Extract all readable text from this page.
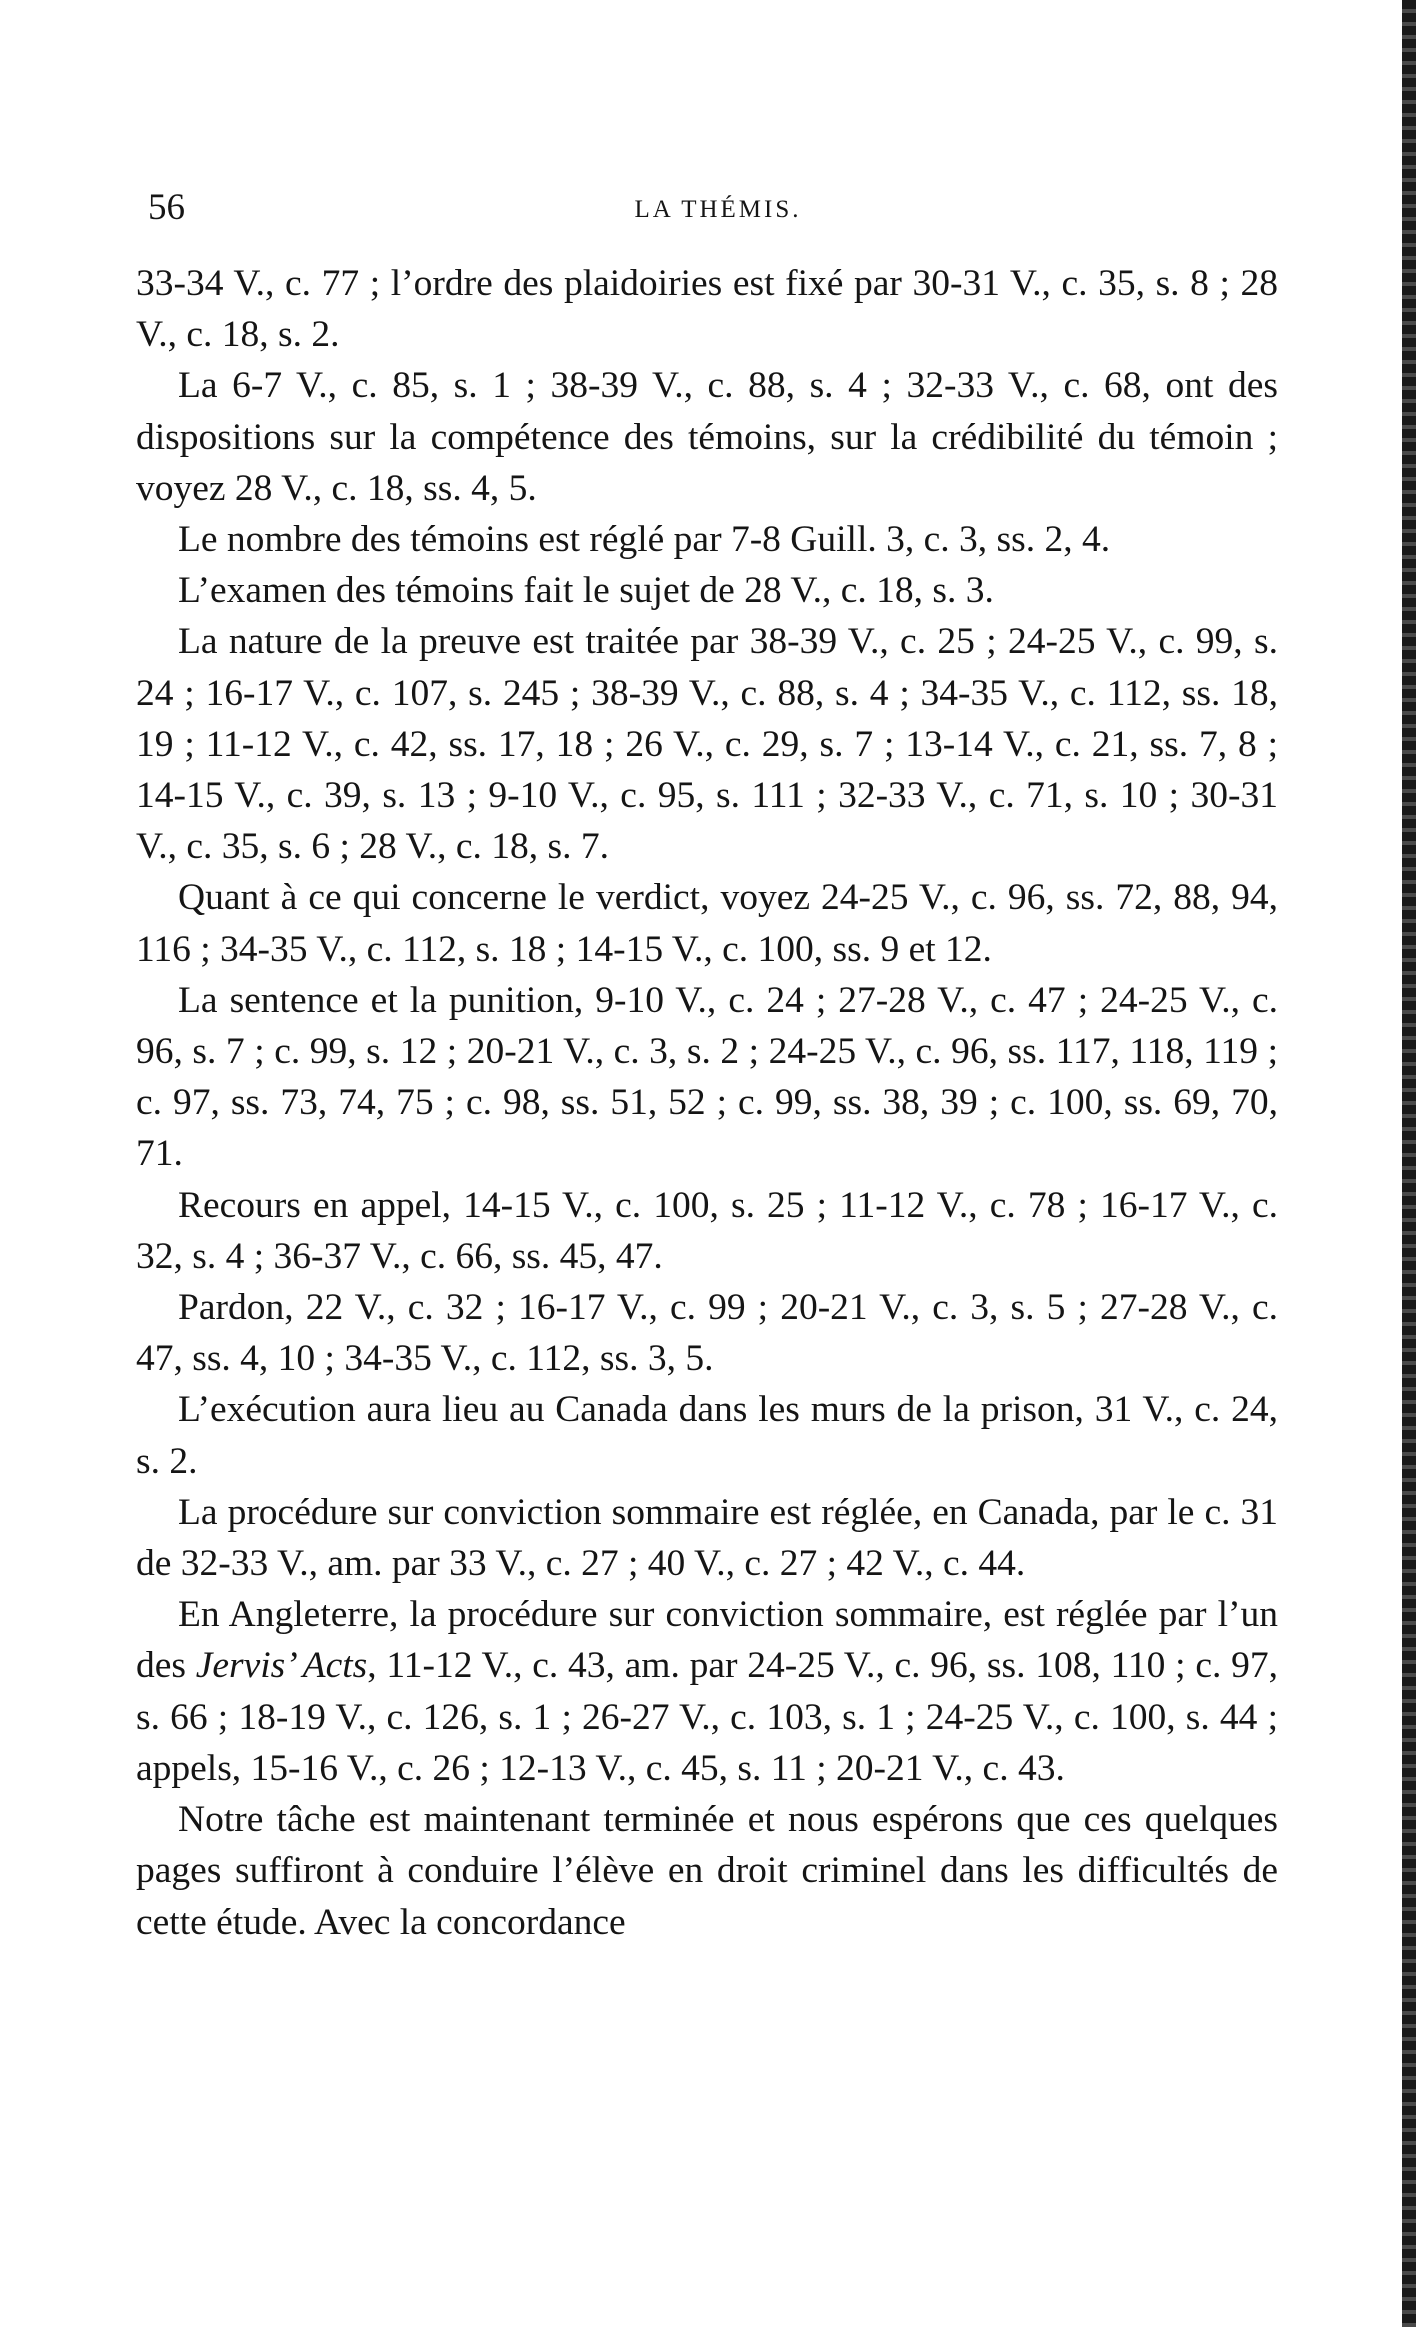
56	LA THÉMIS.

33-34 V., c. 77 ; l’ordre des plaidoiries est fixé par 30-31 V., c. 35, s. 8 ; 28 V., c. 18, s. 2.

La 6-7 V., c. 85, s. 1 ; 38-39 V., c. 88, s. 4 ; 32-33 V., c. 68, ont des dispositions sur la compétence des témoins, sur la crédibilité du témoin ; voyez 28 V., c. 18, ss. 4, 5.

Le nombre des témoins est réglé par 7-8 Guill. 3, c. 3, ss. 2, 4.

L’examen des témoins fait le sujet de 28 V., c. 18, s. 3.

La nature de la preuve est traitée par 38-39 V., c. 25 ; 24-25 V., c. 99, s. 24 ; 16-17 V., c. 107, s. 245 ; 38-39 V., c. 88, s. 4 ; 34-35 V., c. 112, ss. 18, 19 ; 11-12 V., c. 42, ss. 17, 18 ; 26 V., c. 29, s. 7 ; 13-14 V., c. 21, ss. 7, 8 ; 14-15 V., c. 39, s. 13 ; 9-10 V., c. 95, s. 111 ; 32-33 V., c. 71, s. 10 ; 30-31 V., c. 35, s. 6 ; 28 V., c. 18, s. 7.

Quant à ce qui concerne le verdict, voyez 24-25 V., c. 96, ss. 72, 88, 94, 116 ; 34-35 V., c. 112, s. 18 ; 14-15 V., c. 100, ss. 9 et 12.

La sentence et la punition, 9-10 V., c. 24 ; 27-28 V., c. 47 ; 24-25 V., c. 96, s. 7 ; c. 99, s. 12 ; 20-21 V., c. 3, s. 2 ; 24-25 V., c. 96, ss. 117, 118, 119 ; c. 97, ss. 73, 74, 75 ; c. 98, ss. 51, 52 ; c. 99, ss. 38, 39 ; c. 100, ss. 69, 70, 71.

Recours en appel, 14-15 V., c. 100, s. 25 ; 11-12 V., c. 78 ; 16-17 V., c. 32, s. 4 ; 36-37 V., c. 66, ss. 45, 47.

Pardon, 22 V., c. 32 ; 16-17 V., c. 99 ; 20-21 V., c. 3, s. 5 ; 27-28 V., c. 47, ss. 4, 10 ; 34-35 V., c. 112, ss. 3, 5.

L’exécution aura lieu au Canada dans les murs de la prison, 31 V., c. 24, s. 2.

La procédure sur conviction sommaire est réglée, en Canada, par le c. 31 de 32-33 V., am. par 33 V., c. 27 ; 40 V., c. 27 ; 42 V., c. 44.

En Angleterre, la procédure sur conviction sommaire, est réglée par l’un des Jervis’ Acts, 11-12 V., c. 43, am. par 24-25 V., c. 96, ss. 108, 110 ; c. 97, s. 66 ; 18-19 V., c. 126, s. 1 ; 26-27 V., c. 103, s. 1 ; 24-25 V., c. 100, s. 44 ; appels, 15-16 V., c. 26 ; 12-13 V., c. 45, s. 11 ; 20-21 V., c. 43.

Notre tâche est maintenant terminée et nous espérons que ces quelques pages suffiront à conduire l’élève en droit criminel dans les difficultés de cette étude. Avec la concordance
